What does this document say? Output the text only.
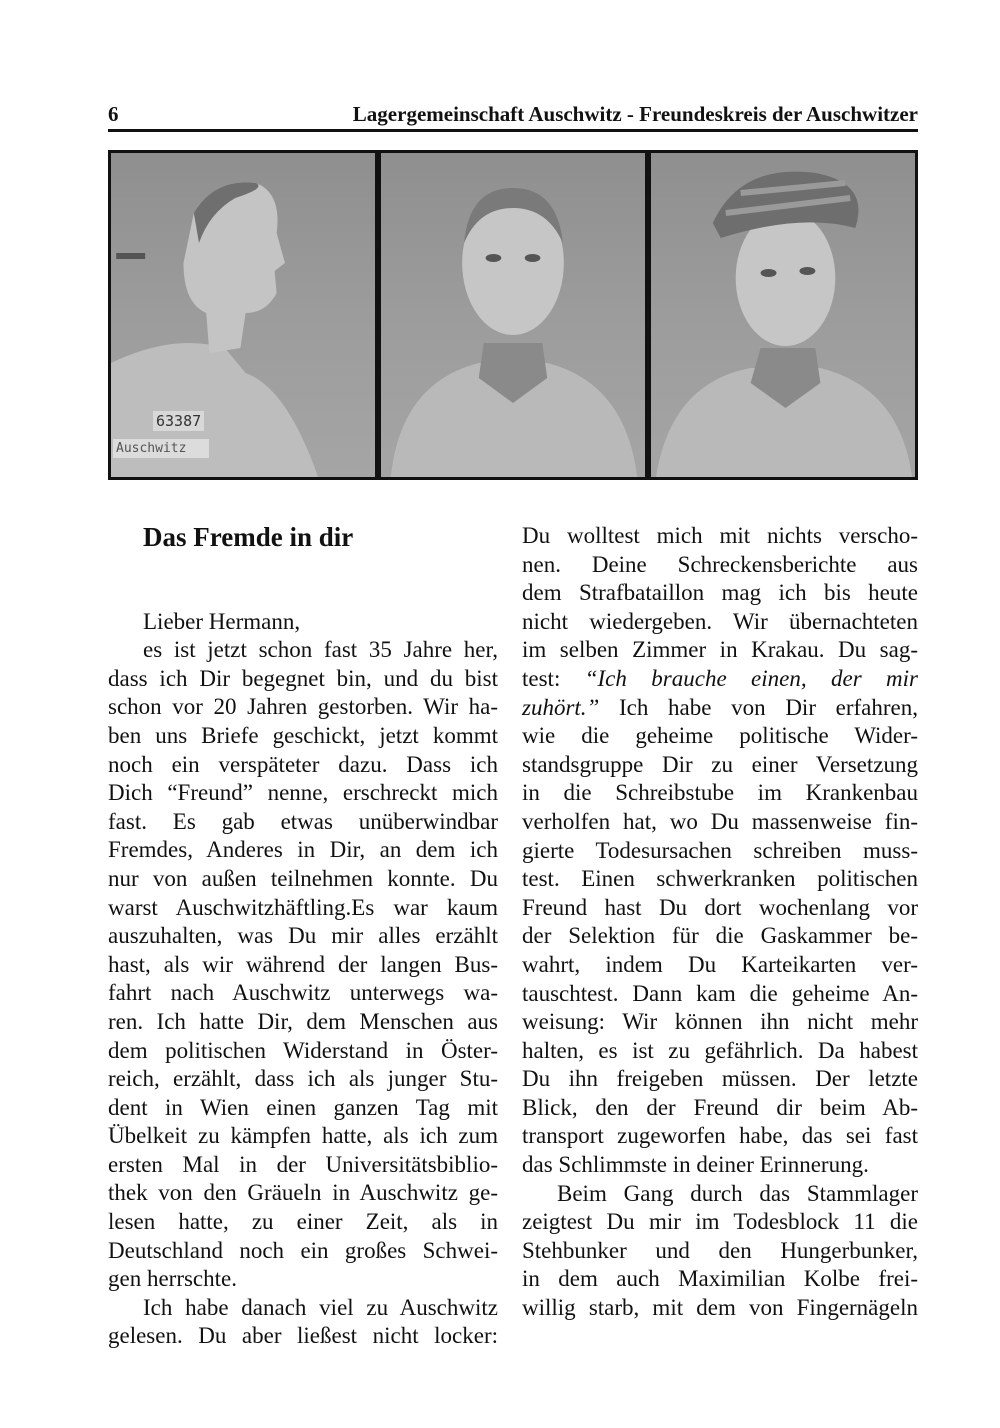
6	Lagergemeinschaft Auschwitz - Freundeskreis der Auschwitzer
63387
Auschwitz
Das Fremde in dir
Lieber Hermann,
es ist jetzt schon fast 35 Jahre her,
dass ich Dir begegnet bin, und du bist
schon vor 20 Jahren gestorben. Wir ha-
ben uns Briefe geschickt, jetzt kommt
noch ein verspäteter dazu. Dass ich
Dich “Freund” nenne, erschreckt mich
fast. Es gab etwas unüberwindbar
Fremdes, Anderes in Dir, an dem ich
nur von außen teilnehmen konnte. Du
warst Auschwitzhäftling.Es war kaum
auszuhalten, was Du mir alles erzählt
hast, als wir während der langen Bus-
fahrt nach Auschwitz unterwegs wa-
ren. Ich hatte Dir, dem Menschen aus
dem politischen Widerstand in Öster-
reich, erzählt, dass ich als junger Stu-
dent in Wien einen ganzen Tag mit
Übelkeit zu kämpfen hatte, als ich zum
ersten Mal in der Universitätsbiblio-
thek von den Gräueln in Auschwitz ge-
lesen hatte, zu einer Zeit, als in
Deutschland noch ein großes Schwei-
gen herrschte.
Ich habe danach viel zu Auschwitz
gelesen. Du aber ließest nicht locker:
Du wolltest mich mit nichts verscho-
nen. Deine Schreckensberichte aus
dem Strafbataillon mag ich bis heute
nicht wiedergeben. Wir übernachteten
im selben Zimmer in Krakau. Du sag-
test: “Ich brauche einen, der mir
zuhört.” Ich habe von Dir erfahren,
wie die geheime politische Wider-
standsgruppe Dir zu einer Versetzung
in die Schreibstube im Krankenbau
verholfen hat, wo Du massenweise fin-
gierte Todesursachen schreiben muss-
test. Einen schwerkranken politischen
Freund hast Du dort wochenlang vor
der Selektion für die Gaskammer be-
wahrt, indem Du Karteikarten ver-
tauschtest. Dann kam die geheime An-
weisung: Wir können ihn nicht mehr
halten, es ist zu gefährlich. Da habest
Du ihn freigeben müssen. Der letzte
Blick, den der Freund dir beim Ab-
transport zugeworfen habe, das sei fast
das Schlimmste in deiner Erinnerung.
Beim Gang durch das Stammlager
zeigtest Du mir im Todesblock 11 die
Stehbunker und den Hungerbunker,
in dem auch Maximilian Kolbe frei-
willig starb, mit dem von Fingernägeln
